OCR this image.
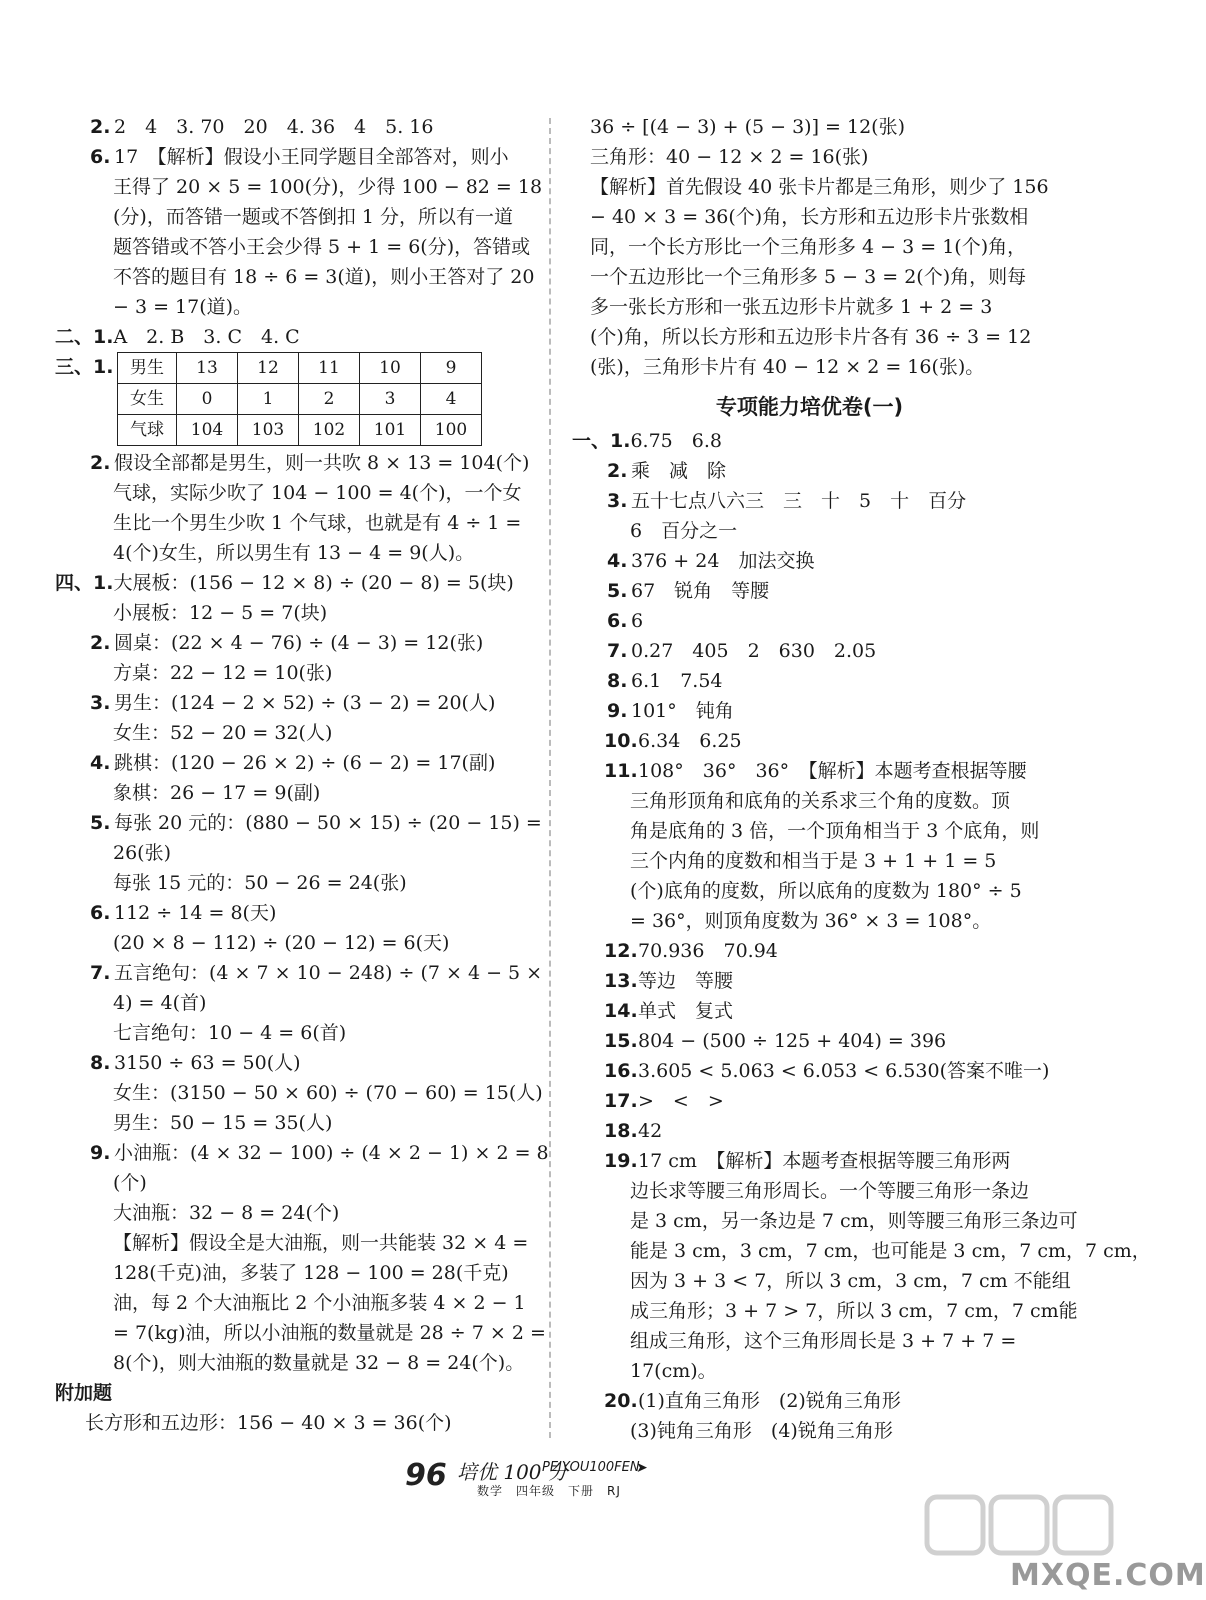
2. 2　4　3. 70　20　4. 36　4　5. 16
6. 17　【解析】假设小王同学题目全部答对，则小
王得了 20 × 5 = 100(分)，少得 100 − 82 = 18
(分)，而答错一题或不答倒扣 1 分，所以有一道
题答错或不答小王会少得 5 + 1 = 6(分)，答错或
不答的题目有 18 ÷ 6 = 3(道)，则小王答对了 20
− 3 = 17(道)。
二、1.A　2. B　3. C　4. C
三、1. 男生	13	12	11	10	9
女生	0	1	2	3	4
气球	104	103	102	101	100
2. 假设全部都是男生，则一共吹 8 × 13 = 104(个)
气球，实际少吹了 104 − 100 = 4(个)，一个女
生比一个男生少吹 1 个气球，也就是有 4 ÷ 1 =
4(个)女生，所以男生有 13 − 4 = 9(人)。
四、1.大展板：(156 − 12 × 8) ÷ (20 − 8) = 5(块)
小展板：12 − 5 = 7(块)
2. 圆桌：(22 × 4 − 76) ÷ (4 − 3) = 12(张)
方桌：22 − 12 = 10(张)
3. 男生：(124 − 2 × 52) ÷ (3 − 2) = 20(人)
女生：52 − 20 = 32(人)
4. 跳棋：(120 − 26 × 2) ÷ (6 − 2) = 17(副)
象棋：26 − 17 = 9(副)
5. 每张 20 元的：(880 − 50 × 15) ÷ (20 − 15) =
26(张)
每张 15 元的：50 − 26 = 24(张)
6. 112 ÷ 14 = 8(天)
(20 × 8 − 112) ÷ (20 − 12) = 6(天)
7. 五言绝句：(4 × 7 × 10 − 248) ÷ (7 × 4 − 5 ×
4) = 4(首)
七言绝句：10 − 4 = 6(首)
8. 3150 ÷ 63 = 50(人)
女生：(3150 − 50 × 60) ÷ (70 − 60) = 15(人)
男生：50 − 15 = 35(人)
9. 小油瓶：(4 × 32 − 100) ÷ (4 × 2 − 1) × 2 = 8
(个)
大油瓶：32 − 8 = 24(个)
【解析】假设全是大油瓶，则一共能装 32 × 4 =
128(千克)油，多装了 128 − 100 = 28(千克)
油，每 2 个大油瓶比 2 个小油瓶多装 4 × 2 − 1
= 7(kg)油，所以小油瓶的数量就是 28 ÷ 7 × 2 =
8(个)，则大油瓶的数量就是 32 − 8 = 24(个)。
附加题
长方形和五边形：156 − 40 × 3 = 36(个)
36 ÷ [(4 − 3) + (5 − 3)] = 12(张)
三角形：40 − 12 × 2 = 16(张)
【解析】首先假设 40 张卡片都是三角形，则少了 156
− 40 × 3 = 36(个)角，长方形和五边形卡片张数相
同，一个长方形比一个三角形多 4 − 3 = 1(个)角，
一个五边形比一个三角形多 5 − 3 = 2(个)角，则每
多一张长方形和一张五边形卡片就多 1 + 2 = 3
(个)角，所以长方形和五边形卡片各有 36 ÷ 3 = 12
(张)，三角形卡片有 40 − 12 × 2 = 16(张)。
专项能力培优卷(一)
一、1.6.75　6.8
2. 乘　减　除
3. 五十七点八六三　三　十　5　十　百分
6　百分之一
4. 376 + 24　加法交换
5. 67　锐角　等腰
6. 6
7. 0.27　405　2　630　2.05
8. 6.1　7.54
9. 101°　钝角
10.6.34　6.25
11.108°　36°　36°　【解析】本题考查根据等腰
三角形顶角和底角的关系求三个角的度数。顶
角是底角的 3 倍，一个顶角相当于 3 个底角，则
三个内角的度数和相当于是 3 + 1 + 1 = 5
(个)底角的度数，所以底角的度数为 180° ÷ 5
= 36°，则顶角度数为 36° × 3 = 108°。
12.70.936　70.94
13.等边　等腰
14.单式　复式
15.804 − (500 ÷ 125 + 404) = 396
16.3.605 < 5.063 < 6.053 < 6.530(答案不唯一)
17.>　<　>
18.42
19.17 cm　【解析】本题考查根据等腰三角形两
边长求等腰三角形周长。一个等腰三角形一条边
是 3 cm，另一条边是 7 cm，则等腰三角形三条边可
能是 3 cm，3 cm，7 cm，也可能是 3 cm，7 cm，7 cm，
因为 3 + 3 < 7，所以 3 cm，3 cm，7 cm 不能组
成三角形；3 + 7 > 7，所以 3 cm，7 cm，7 cm能
组成三角形，这个三角形周长是 3 + 7 + 7 =
17(cm)。
20.(1)直角三角形　(2)锐角三角形
(3)钝角三角形　(4)锐角三角形
96 培优 100 分
PEIYOU100FEN
➤
数学　四年级　下册　RJ
MXQE.COM
